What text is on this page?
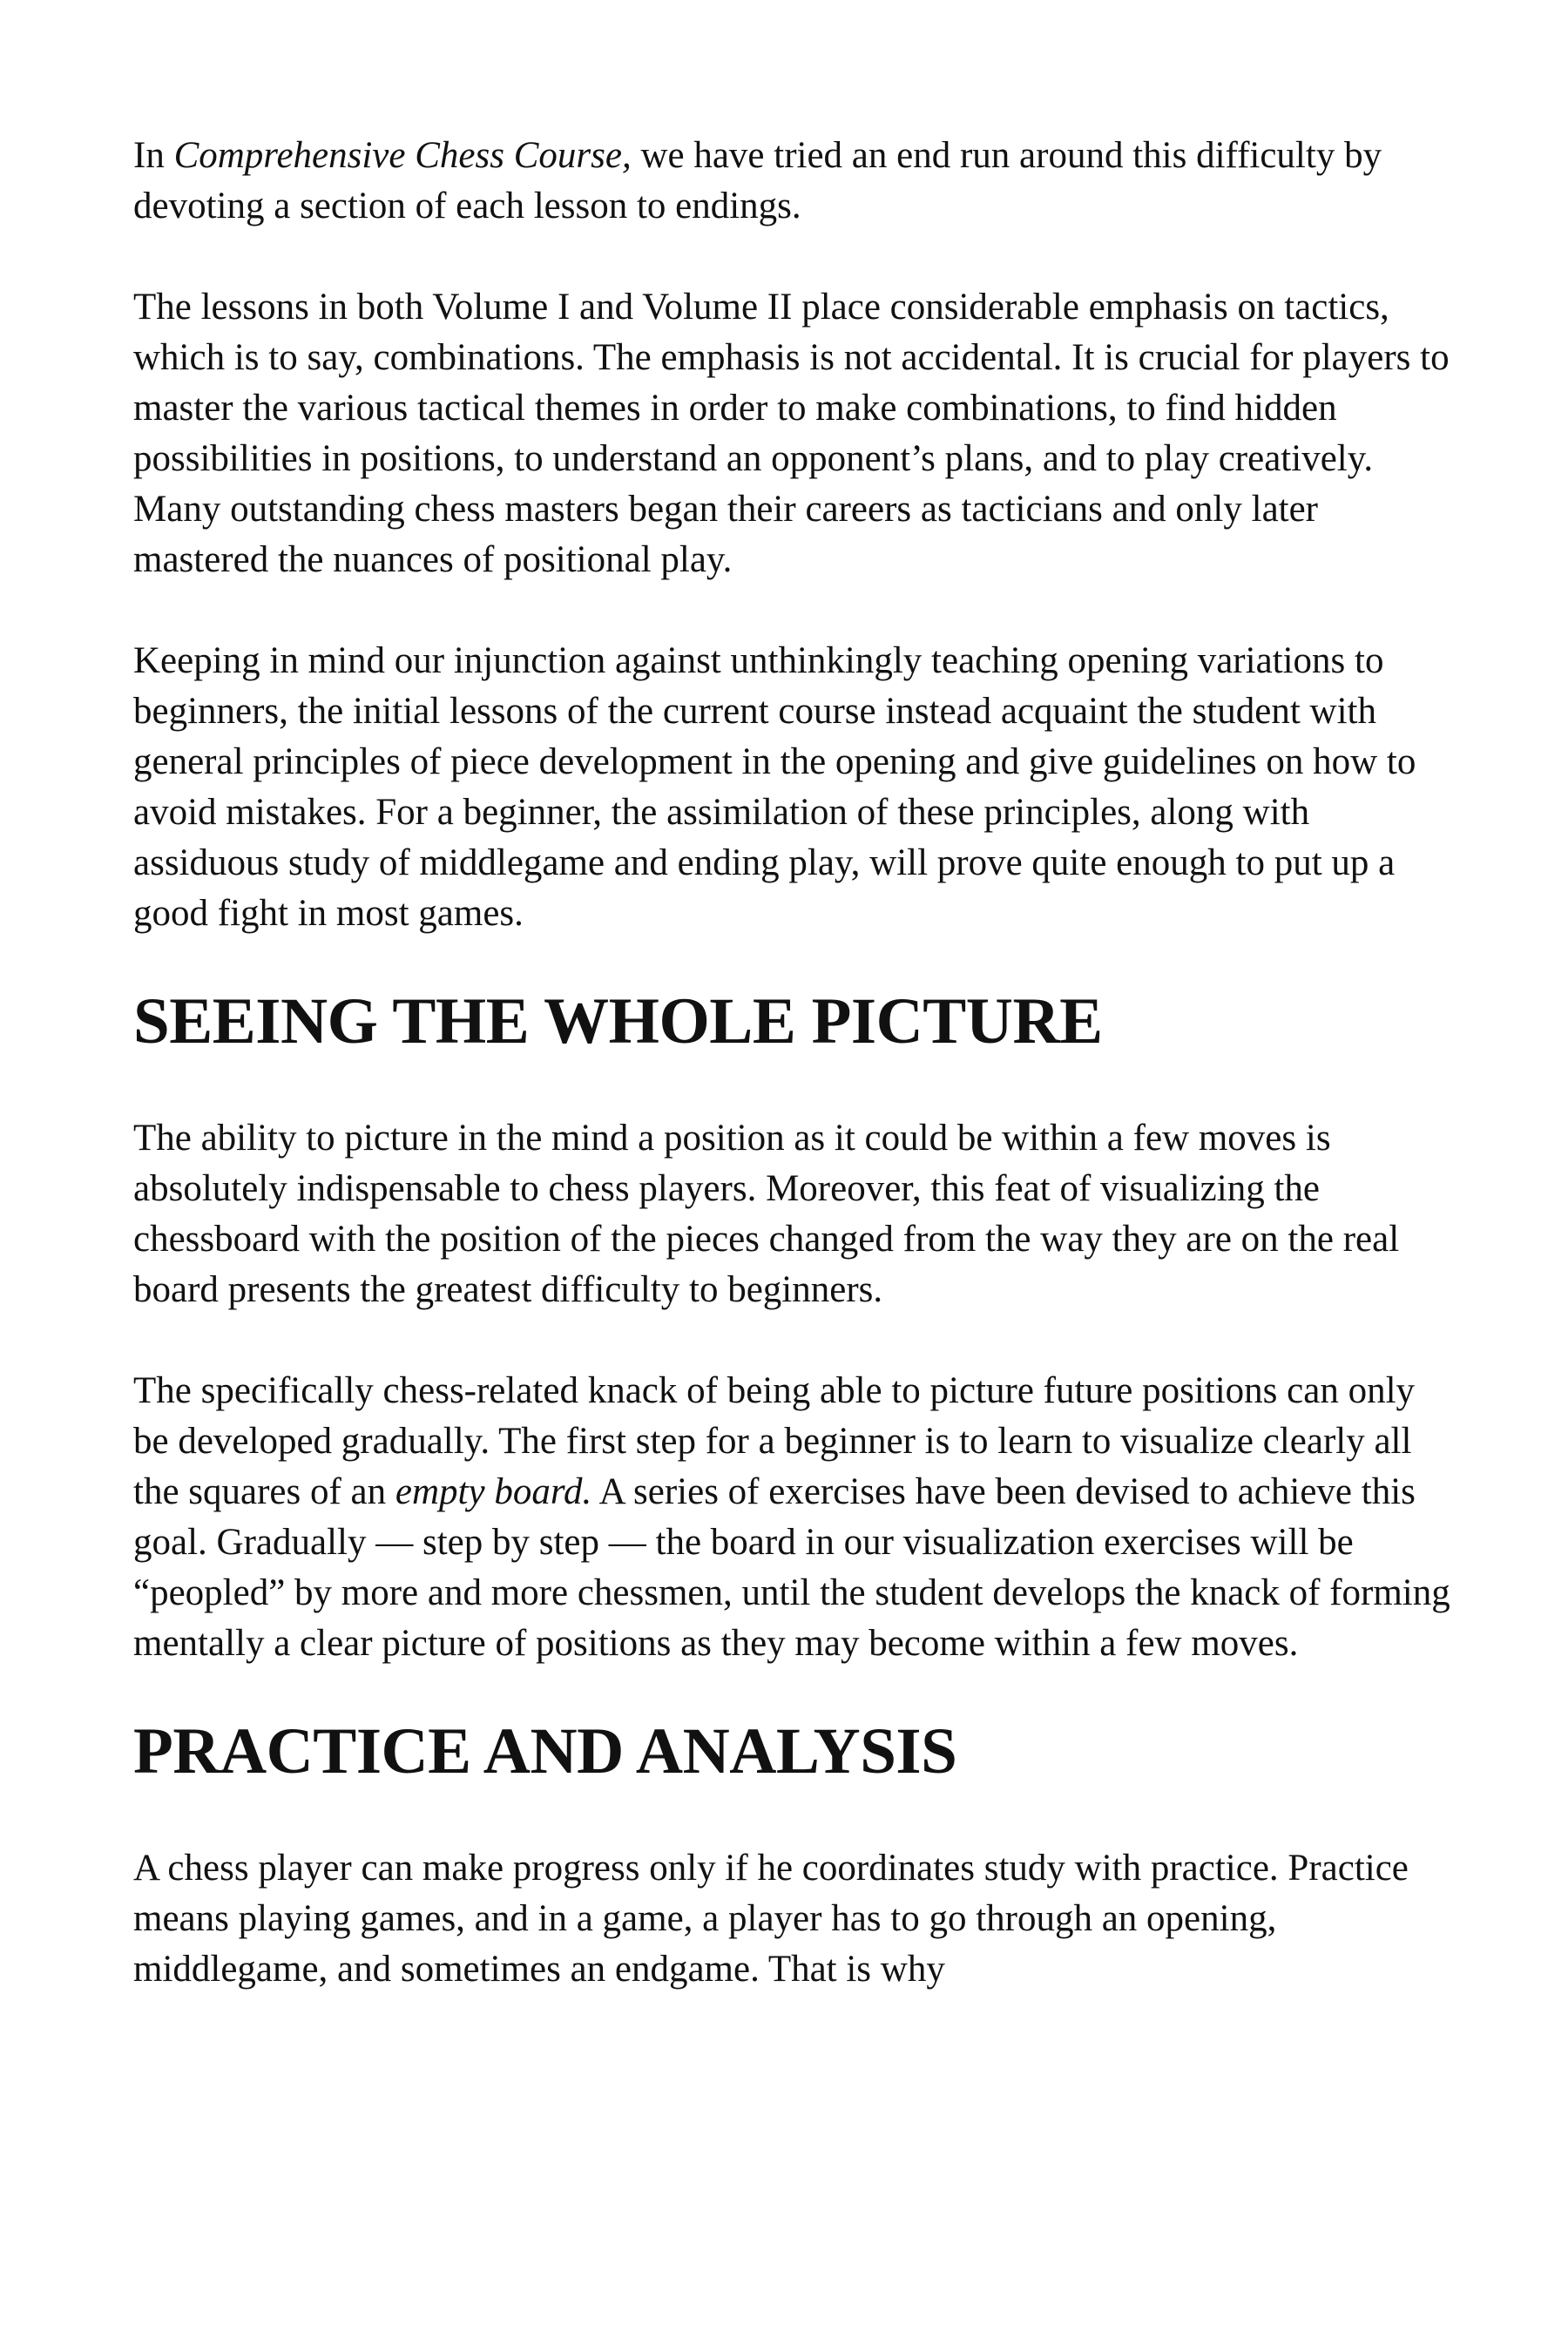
In Comprehensive Chess Course, we have tried an end run around this difficulty by devoting a section of each lesson to endings.

The lessons in both Volume I and Volume II place considerable emphasis on tactics, which is to say, combinations. The emphasis is not accidental. It is crucial for players to master the various tactical themes in order to make combinations, to find hidden possibilities in positions, to understand an opponent’s plans, and to play creatively. Many outstanding chess masters began their careers as tacticians and only later mastered the nuances of positional play.

Keeping in mind our injunction against unthinkingly teaching opening variations to beginners, the initial lessons of the current course instead acquaint the student with general principles of piece development in the opening and give guidelines on how to avoid mistakes. For a beginner, the assimilation of these principles, along with assiduous study of middlegame and ending play, will prove quite enough to put up a good fight in most games.

SEEING THE WHOLE PICTURE

The ability to picture in the mind a position as it could be within a few moves is absolutely indispensable to chess players. Moreover, this feat of visualizing the chessboard with the position of the pieces changed from the way they are on the real board presents the greatest difficulty to beginners.

The specifically chess-related knack of being able to picture future positions can only be developed gradually. The first step for a beginner is to learn to visualize clearly all the squares of an empty board. A series of exercises have been devised to achieve this goal. Gradually — step by step — the board in our visualization exercises will be “peopled” by more and more chessmen, until the student develops the knack of forming mentally a clear picture of positions as they may become within a few moves.

PRACTICE AND ANALYSIS

A chess player can make progress only if he coordinates study with practice. Practice means playing games, and in a game, a player has to go through an opening, middlegame, and sometimes an endgame. That is why
